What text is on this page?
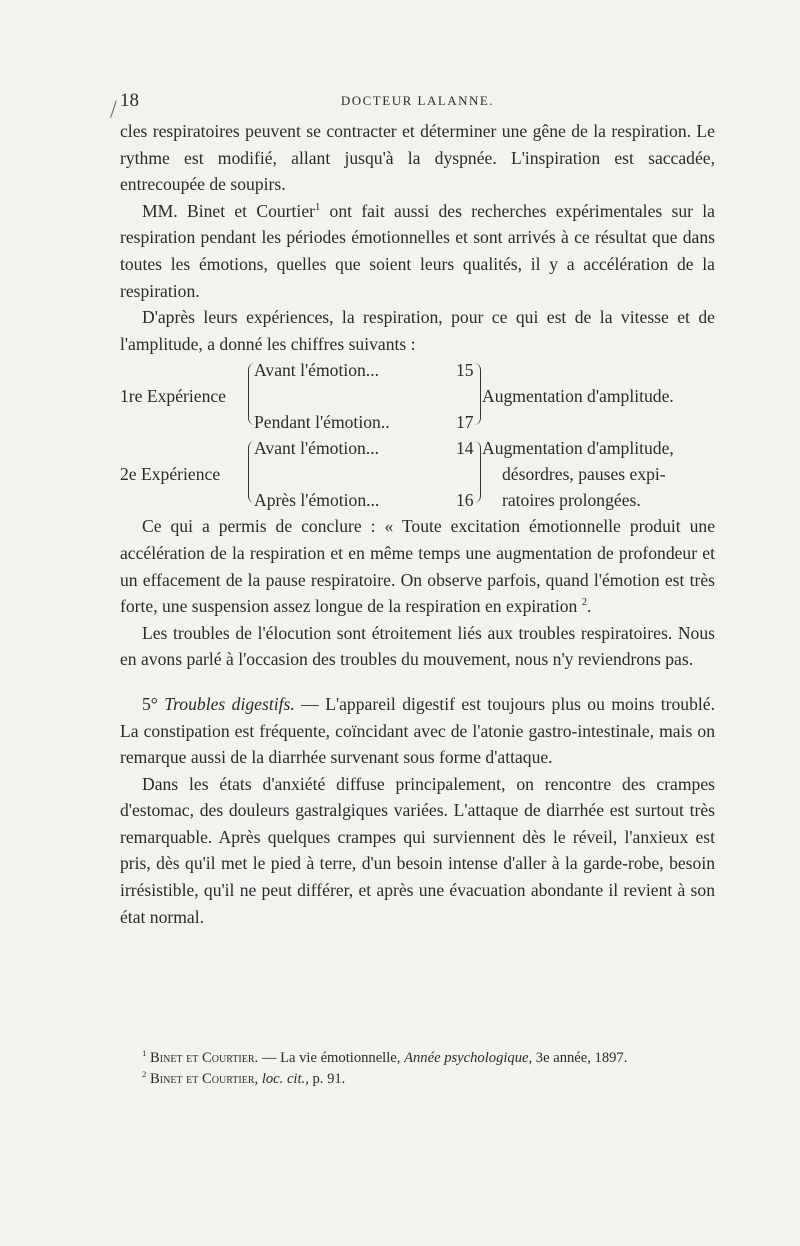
18	DOCTEUR LALANNE.

cles respiratoires peuvent se contracter et déterminer une gêne de la respiration. Le rythme est modifié, allant jusqu'à la dyspnée. L'inspiration est saccadée, entrecoupée de soupirs.

MM. Binet et Courtier$^1$ ont fait aussi des recherches expérimentales sur la respiration pendant les périodes émotionnelles et sont arrivés à ce résultat que dans toutes les émotions, quelles que soient leurs qualités, il y a accélération de la respiration.

D'après leurs expériences, la respiration, pour ce qui est de la vitesse et de l'amplitude, a donné les chiffres suivants :

1re Expérience
Avant l'émotion...
Pendant l'émotion..
15
17
Augmentation d'amplitude.
2e Expérience
Avant l'émotion...
Après l'émotion...
14
16
Augmentation d'amplitude,
désordres, pauses expi-
ratoires prolongées.

Ce qui a permis de conclure : « Toute excitation émotionnelle produit une accélération de la respiration et en même temps une augmentation de profondeur et un effacement de la pause respiratoire. On observe parfois, quand l'émotion est très forte, une suspension assez longue de la respiration en expiration $^2$.

Les troubles de l'élocution sont étroitement liés aux troubles respiratoires. Nous en avons parlé à l'occasion des troubles du mouvement, nous n'y reviendrons pas.

5° Troubles digestifs. — L'appareil digestif est toujours plus ou moins troublé. La constipation est fréquente, coïncidant avec de l'atonie gastro-intestinale, mais on remarque aussi de la diarrhée survenant sous forme d'attaque.

Dans les états d'anxiété diffuse principalement, on rencontre des crampes d'estomac, des douleurs gastralgiques variées. L'attaque de diarrhée est surtout très remarquable. Après quelques crampes qui surviennent dès le réveil, l'anxieux est pris, dès qu'il met le pied à terre, d'un besoin intense d'aller à la garde-robe, besoin irrésistible, qu'il ne peut différer, et après une évacuation abondante il revient à son état normal.

$^1$ Binet et Courtier. — La vie émotionnelle, Année psychologique, 3e année, 1897.

$^2$ Binet et Courtier, loc. cit., p. 91.
